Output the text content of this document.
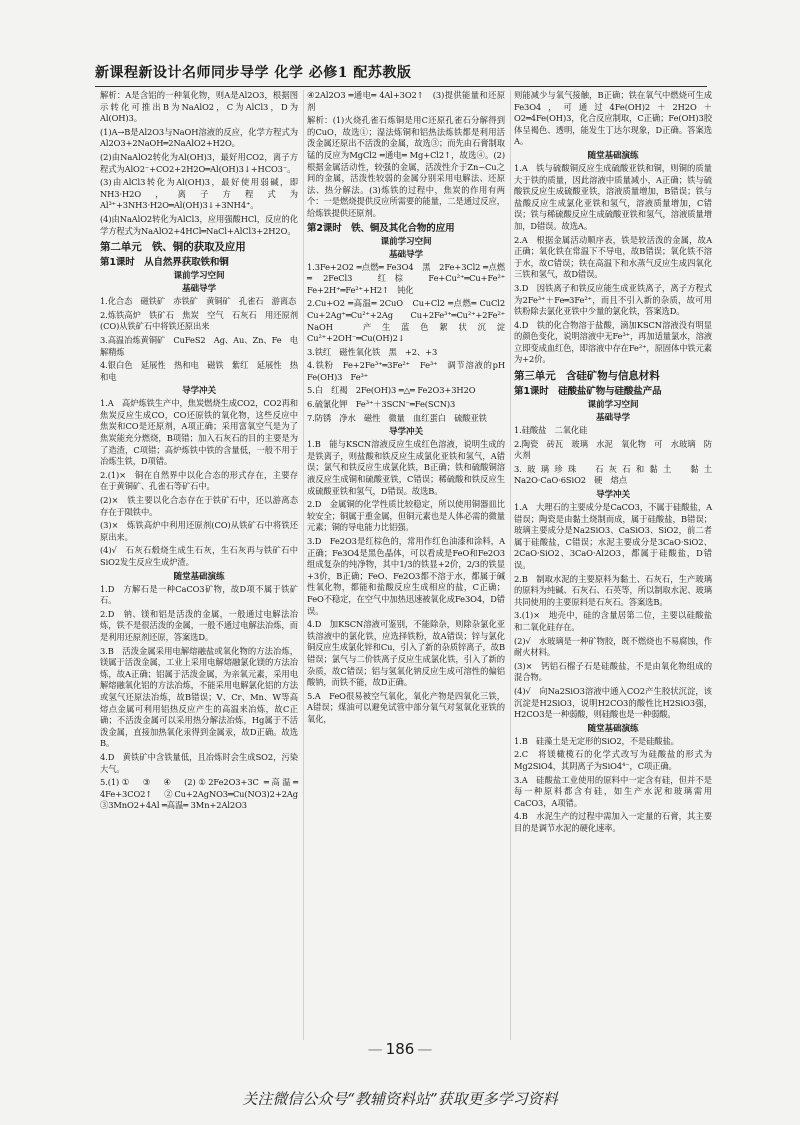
新课程新设计名师同步导学 化学 必修1 配苏教版

解析：A是含铝的一种氧化物，则A是Al2O3，根据图示转化可推出B为NaAlO2，C为AlCl3，D为Al(OH)3。

(1)A→B是Al2O3与NaOH溶液的反应，化学方程式为Al2O3+2NaOH═2NaAlO2+H2O。

(2)由NaAlO2转化为Al(OH)3，最好用CO2，离子方程式为AlO2⁻+CO2+2H2O═Al(OH)3↓+HCO3⁻。

(3)由AlCl3转化为Al(OH)3，最好使用弱碱，即NH3·H2O，离子方程式为Al³⁺+3NH3·H2O═Al(OH)3↓+3NH4⁺。

(4)由NaAlO2转化为AlCl3，应用强酸HCl，反应的化学方程式为NaAlO2+4HCl═NaCl+AlCl3+2H2O。

第二单元　铁、铜的获取及应用
第1课时　从自然界获取铁和铜
课前学习空间
基础导学

1.化合态　磁铁矿　赤铁矿　黄铜矿　孔雀石　游离态

2.炼铁高炉　铁矿石　焦炭　空气　石灰石　用还原剂(CO)从铁矿石中将铁还原出来

3.高温冶炼黄铜矿　CuFeS2　Ag、Au、Zn、Fe　电解精炼

4.银白色　延展性　热和电　磁铁　紫红　延展性　热和电

导学冲关

1.A　高炉炼铁生产中，焦炭燃烧生成CO2，CO2再和焦炭反应生成CO，CO还原铁的氧化物，这些反应中焦炭和CO是还原剂，A项正确；采用富氧空气是为了焦炭能充分燃烧，B项错；加入石灰石的目的主要是为了造渣，C项错；高炉炼铁中铁的含量低，一般不用于冶炼生铁，D项错。

2.(1)×　铜在自然界中以化合态的形式存在，主要存在于黄铜矿、孔雀石等矿石中。

(2)×　铁主要以化合态存在于铁矿石中，还以游离态存在于陨铁中。

(3)×　炼铁高炉中利用还原剂(CO)从铁矿石中将铁还原出来。

(4)√　石灰石煅烧生成生石灰，生石灰再与铁矿石中SiO2发生反应生成炉渣。

随堂基础演练

1.D　方解石是一种CaCO3矿物，故D项不属于铁矿石。

2.D　钠、镁和铝是活泼的金属，一般通过电解法冶炼，铁不是很活泼的金属，一般不通过电解法冶炼，而是利用还原剂还原，答案选D。

3.B　活泼金属采用电解熔融盐或氧化物的方法冶炼，镁属于活泼金属，工业上采用电解熔融氯化镁的方法冶炼，故A正确；铝属于活泼金属，为亲氧元素，采用电解熔融氧化铝的方法冶炼，不能采用电解氯化铝的方法或氢气还原法冶炼，故B错误；V、Cr、Mn、W等高熔点金属可利用铝热反应产生的高温来冶炼，故C正确；不活泼金属可以采用热分解法冶炼，Hg属于不活泼金属，直接加热氧化汞得到金属汞，故D正确。故选B。

4.D　黄铁矿中含铁量低，且冶炼时会生成SO2，污染大气。

5.(1)①　③　④　(2)①2Fe2O3+3C ═高温═ 4Fe+3CO2↑　②Cu+2AgNO3═Cu(NO3)2+2Ag　③3MnO2+4Al ═高温═ 3Mn+2Al2O3

④2Al2O3 ═通电═ 4Al+3O2↑　(3)提供能量和还原剂

解析：(1)火烧孔雀石炼铜是用C还原孔雀石分解得到的CuO，故选①；湿法炼铜和铝热法炼铁都是利用活泼金属还原出不活泼的金属，故选③；而先由石膏制取锰的反应为MgCl2 ═通电═ Mg+Cl2↑，故选④。(2)根据金属活动性，较强的金属，活泼性介于Zn~Cu之间的金属，活泼性较弱的金属分别采用电解法、还原法、热分解法。(3)炼铁的过程中，焦炭的作用有两个：一是燃烧提供反应所需要的能量，二是通过反应，给炼铁提供还原剂。

第2课时　铁、铜及其化合物的应用
课前学习空间
基础导学

1.3Fe+2O2 ═点燃═ Fe3O4　黑　2Fe+3Cl2 ═点燃═ 2FeCl3　红棕　Fe+Cu²⁺═Cu+Fe²⁺　Fe+2H⁺═Fe²⁺+H2↑　钝化

2.Cu+O2 ═高温═ 2CuO　Cu+Cl2 ═点燃═ CuCl2　Cu+2Ag⁺═Cu²⁺+2Ag　Cu+2Fe³⁺═Cu²⁺+2Fe²⁺　NaOH　产生蓝色絮状沉淀　Cu²⁺+2OH⁻═Cu(OH)2↓

3.铁红　磁性氧化铁　黑　+2、+3

4.铁粉　Fe+2Fe³⁺═3Fe²⁺　Fe³⁺　调节溶液的pH　Fe(OH)3　Fe³⁺

5.白　红褐　2Fe(OH)3 ═△═ Fe2O3+3H2O

6.硫氰化钾　Fe³⁺＋3SCN⁻═Fe(SCN)3

7.防锈　净水　磁性　微量　血红蛋白　硫酸亚铁

导学冲关

1.B　能与KSCN溶液反应生成红色溶液，说明生成的是铁离子，则盐酸和铁反应生成氯化亚铁和氢气，A错误；氯气和铁反应生成氯化铁，B正确；铁和硫酸铜溶液反应生成铜和硫酸亚铁，C错误；稀硫酸和铁反应生成硫酸亚铁和氢气，D错误。故选B。

2.D　金属铜的化学性质比较稳定，所以使用铜器皿比较安全；铜属于重金属，但铜元素也是人体必需的微量元素；铜的导电能力比铝强。

3.D　Fe2O3是红棕色的，常用作红色油漆和涂料，A正确；Fe3O4是黑色晶体，可以看成是FeO和Fe2O3组成复杂的纯净物，其中1/3的铁显+2价，2/3的铁显+3价，B正确；FeO、Fe2O3都不溶于水，都属于碱性氧化物，都能和盐酸反应生成相应的盐，C正确；FeO不稳定，在空气中加热迅速被氧化成Fe3O4，D错误。

4.D　加KSCN溶液可鉴别，不能除杂，则除杂氯化亚铁溶液中的氯化铁，应选择铁粉，故A错误；锌与氯化铜反应生成氯化锌和Cu，引入了新的杂质锌离子，故B错误；氯气与二价铁离子反应生成氯化铁，引入了新的杂质，故C错误；铝与氢氧化钠反应生成可溶性的偏铝酸钠，而铁不能，故D正确。

5.A　FeO很易被空气氧化，氧化产物是四氧化三铁，A错误；煤油可以避免试管中部分氧气对氢氧化亚铁的氧化，

则能减少与氧气接触，B正确；铁在氧气中燃烧可生成Fe3O4，可通过4Fe(OH)2＋2H2O＋O2═4Fe(OH)3，化合反应制取，C正确；Fe(OH)3胶体呈褐色、透明，能发生丁达尔现象，D正确。答案选A。

随堂基础演练

1.A　铁与硫酸铜反应生成硫酸亚铁和铜，则铜的质量大于铁的质量，因此溶液中质量减小，A正确；铁与硫酸铁反应生成硫酸亚铁，溶液质量增加，B错误；铁与盐酸反应生成氯化亚铁和氢气，溶液质量增加，C错误；铁与稀硫酸反应生成硫酸亚铁和氢气，溶液质量增加，D错误。故选A。

2.A　根据金属活动顺序表，铁是较活泼的金属，故A正确；氧化铁在常温下不导电，故B错误；氧化铁不溶于水，故C错误；铁在高温下和水蒸气反应生成四氧化三铁和氢气，故D错误。

3.D　因铁离子和铁反应能生成亚铁离子，离子方程式为2Fe³⁺＋Fe═3Fe²⁺，而且不引入新的杂质，故可用铁粉除去氯化亚铁中少量的氯化铁，答案选D。

4.D　铁的化合物溶于盐酸，滴加KSCN溶液没有明显的颜色变化，说明溶液中无Fe³⁺，再加适量氯水，溶液立即变成血红色，即溶液中存在Fe²⁺，原固体中铁元素为+2价。

第三单元　含硅矿物与信息材料
第1课时　硅酸盐矿物与硅酸盐产品
课前学习空间
基础导学

1.硅酸盐　二氧化硅

2.陶瓷　砖瓦　玻璃　水泥　氧化物　可　水玻璃　防火剂

3.玻璃珍珠　石灰石和黏土　黏土　Na2O·CaO·6SiO2　硬　熔点

导学冲关

1.A　大理石的主要成分是CaCO3，不属于硅酸盐，A错误；陶瓷是由黏土烧制而成，属于硅酸盐，B错误；玻璃主要成分是Na2SiO3、CaSiO3、SiO2，前二者属于硅酸盐，C错误；水泥主要成分是3CaO·SiO2、2CaO·SiO2、3CaO·Al2O3，都属于硅酸盐，D错误。

2.B　制取水泥的主要原料为黏土、石灰石，生产玻璃的原料为纯碱、石灰石、石英等，所以制取水泥、玻璃共同使用的主要原料是石灰石。答案选B。

3.(1)×　地壳中，硅的含量居第二位，主要以硅酸盐和二氧化硅存在。

(2)√　水玻璃是一种矿物胶，既不燃烧也不易腐蚀，作耐火材料。

(3)×　钙铝石榴子石是硅酸盐，不是由氧化物组成的混合物。

(4)√　向Na2SiO3溶液中通入CO2产生胶状沉淀，该沉淀是H2SiO3，说明H2CO3的酸性比H2SiO3强，H2CO3是一种弱酸，则硅酸也是一种弱酸。

随堂基础演练

1.B　硅藻土是无定形的SiO2，不是硅酸盐。

2.C　将镁橄榄石的化学式改写为硅酸盐的形式为Mg2SiO4，其阴离子为SiO4⁴⁻，C项正确。

3.A　硅酸盐工业使用的原料中一定含有硅，但并不是每一种原料都含有硅，如生产水泥和玻璃需用CaCO3，A项错。

4.B　水泥生产的过程中需加入一定量的石膏，其主要目的是调节水泥的硬化速率。

— 186 —
关注微信公众号“教辅资料站”获取更多学习资料
